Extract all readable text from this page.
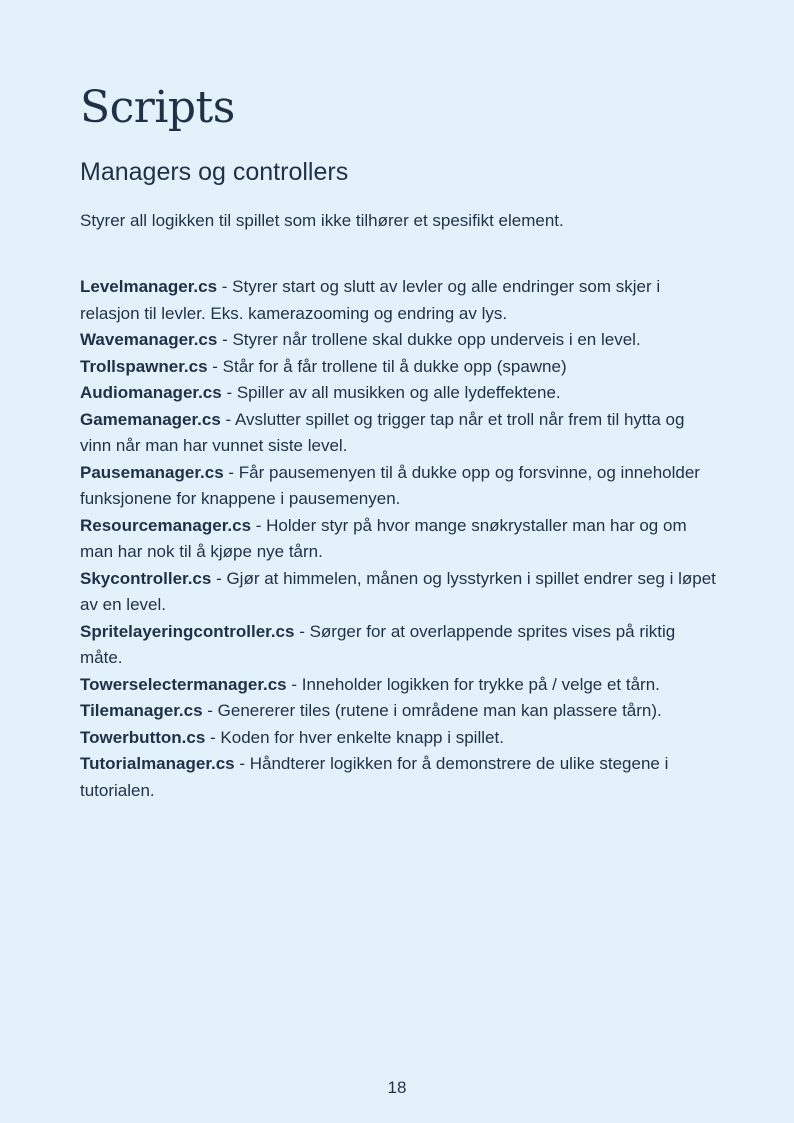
Scripts
Managers og controllers

Styrer all logikken til spillet som ikke tilhører et spesifikt element.

Levelmanager.cs - Styrer start og slutt av levler og alle endringer som skjer i relasjon til levler. Eks. kamerazooming og endring av lys.
Wavemanager.cs - Styrer når trollene skal dukke opp underveis i en level.
Trollspawner.cs - Står for å får trollene til å dukke opp (spawne)
Audiomanager.cs - Spiller av all musikken og alle lydeffektene.
Gamemanager.cs - Avslutter spillet og trigger tap når et troll når frem til hytta og vinn når man har vunnet siste level.
Pausemanager.cs - Får pausemenyen til å dukke opp og forsvinne, og inneholder funksjonene for knappene i pausemenyen.
Resourcemanager.cs - Holder styr på hvor mange snøkrystaller man har og om man har nok til å kjøpe nye tårn.
Skycontroller.cs - Gjør at himmelen, månen og lysstyrken i spillet endrer seg i løpet av en level.
Spritelayeringcontroller.cs - Sørger for at overlappende sprites vises på riktig måte.
Towerselectermanager.cs - Inneholder logikken for trykke på / velge et tårn.
Tilemanager.cs - Genererer tiles (rutene i områdene man kan plassere tårn).
Towerbutton.cs - Koden for hver enkelte knapp i spillet.
Tutorialmanager.cs - Håndterer logikken for å demonstrere de ulike stegene i tutorialen.
18
